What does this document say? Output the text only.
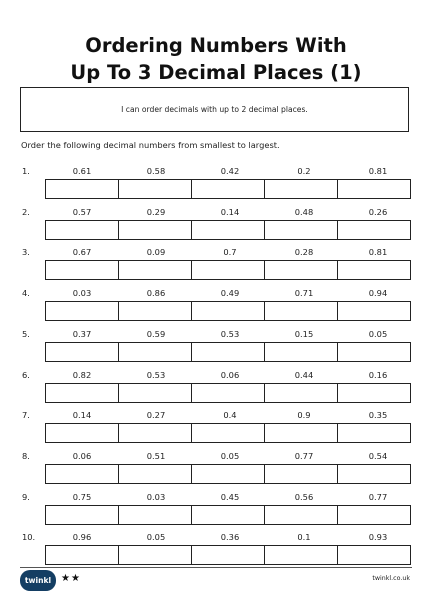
Ordering Numbers With
Up To 3 Decimal Places (1)
I can order decimals with up to 2 decimal places.
Order the following decimal numbers from smallest to largest.
1.	0.61	0.58	0.42	0.2	0.81
2.	0.57	0.29	0.14	0.48	0.26
3.	0.67	0.09	0.7	0.28	0.81
4.	0.03	0.86	0.49	0.71	0.94
5.	0.37	0.59	0.53	0.15	0.05
6.	0.82	0.53	0.06	0.44	0.16
7.	0.14	0.27	0.4	0.9	0.35
8.	0.06	0.51	0.05	0.77	0.54
9.	0.75	0.03	0.45	0.56	0.77
10.	0.96	0.05	0.36	0.1	0.93
twinkl ★★	twinkl.co.uk
